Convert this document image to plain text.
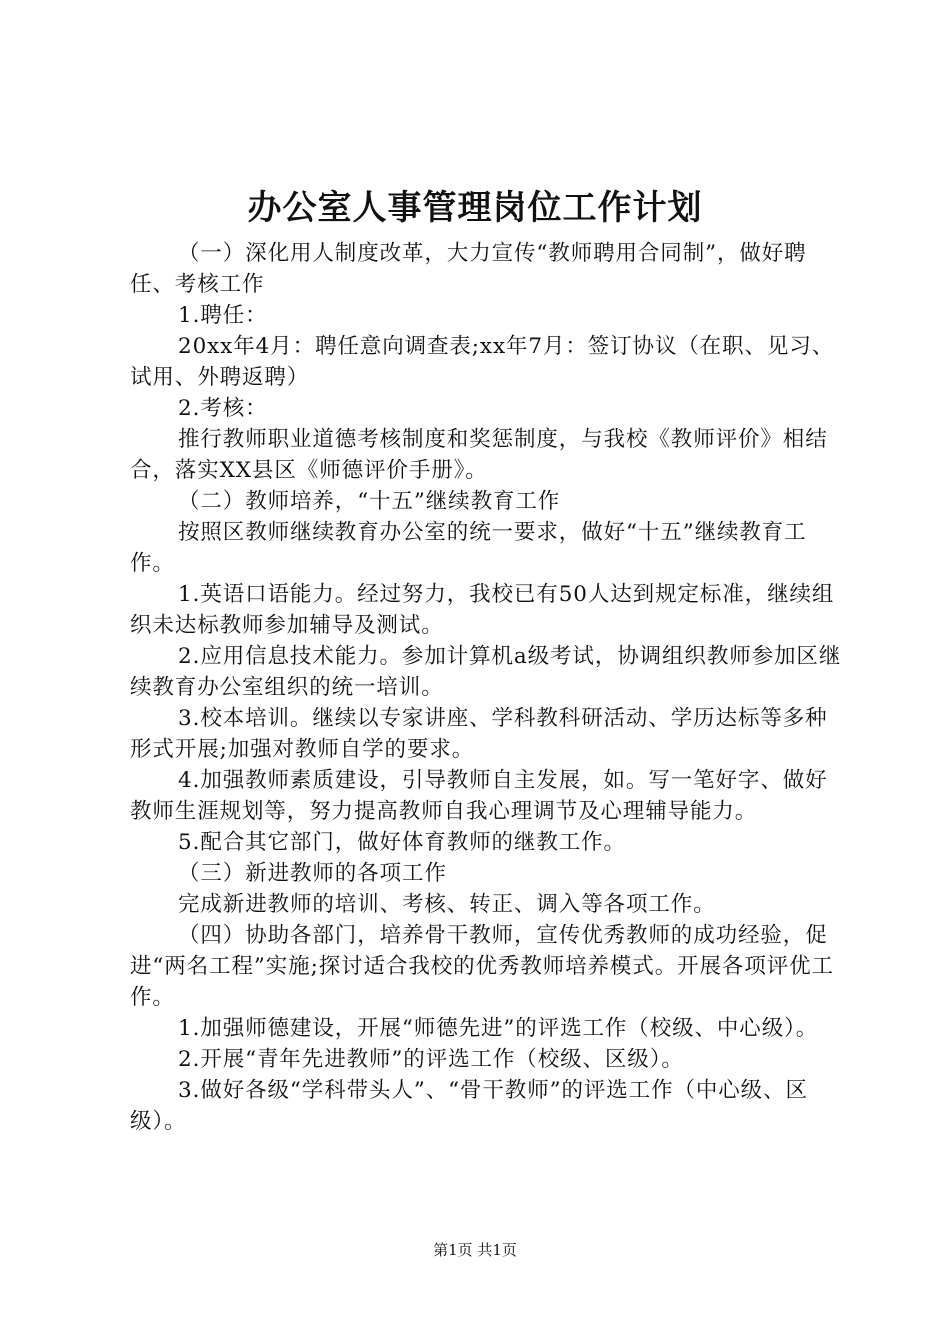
办公室人事管理岗位工作计划

（一）深化用人制度改革，大力宣传“教师聘用合同制”，做好聘任、考核工作

1.聘任：

20xx年4月：聘任意向调查表;xx年7月：签订协议（在职、见习、试用、外聘返聘）

2.考核：

推行教师职业道德考核制度和奖惩制度，与我校《教师评价》相结合，落实XX县区《师德评价手册》。

（二）教师培养，“十五”继续教育工作

按照区教师继续教育办公室的统一要求，做好“十五”继续教育工作。

1.英语口语能力。经过努力，我校已有50人达到规定标准，继续组织未达标教师参加辅导及测试。

2.应用信息技术能力。参加计算机a级考试，协调组织教师参加区继续教育办公室组织的统一培训。

3.校本培训。继续以专家讲座、学科教科研活动、学历达标等多种形式开展;加强对教师自学的要求。

4.加强教师素质建设，引导教师自主发展，如。写一笔好字、做好教师生涯规划等，努力提高教师自我心理调节及心理辅导能力。

5.配合其它部门，做好体育教师的继教工作。

（三）新进教师的各项工作

完成新进教师的培训、考核、转正、调入等各项工作。

（四）协助各部门，培养骨干教师，宣传优秀教师的成功经验，促进“两名工程”实施;探讨适合我校的优秀教师培养模式。开展各项评优工作。

1.加强师德建设，开展“师德先进”的评选工作（校级、中心级）。

2.开展“青年先进教师”的评选工作（校级、区级）。

3.做好各级“学科带头人”、“骨干教师”的评选工作（中心级、区级）。

第1页 共1页
